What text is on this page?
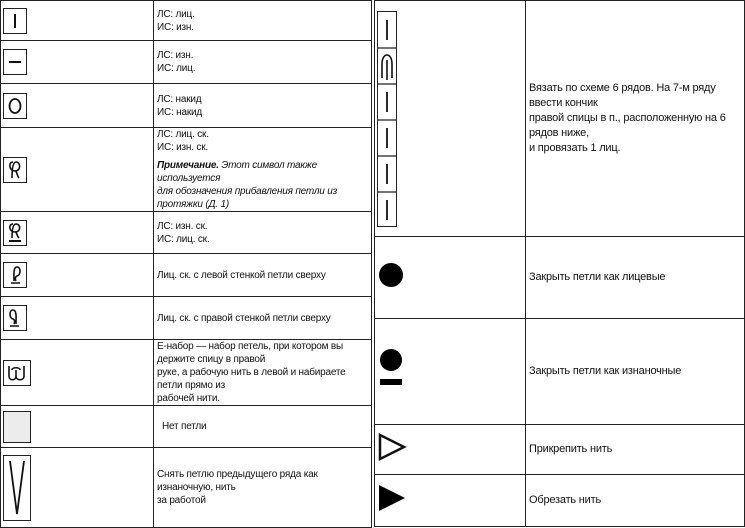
ЛС: лиц.
ИС: изн.

ЛС: изн.
ИС: лиц.

ЛС: накид
ИС: накид

ЛС: лиц. ск.
ИС: изн. ск.
Примечание. Этот символ также используется
для обозначения прибавления петли из протяжки (Д. 1)

ЛС: изн. ск.
ИС: лиц. ск.

Лиц. ск. с левой стенкой петли сверху

Лиц. ск. с правой стенкой петли сверху

Е-набор — набор петель, при котором вы держите спицу в правой
руке, а рабочую нить в левой и набираете петли прямо из
рабочей нити.

	Нет петли

Снять петлю предыдущего ряда как изнаночную, нить
за работой

Вязать по схеме 6 рядов. На 7-м ряду ввести кончик
правой спицы в п., расположенную на 6 рядов ниже,
и провязать 1 лиц.

Закрыть петли как лицевые

Закрыть петли как изнаночные

Прикрепить нить

Обрезать нить
